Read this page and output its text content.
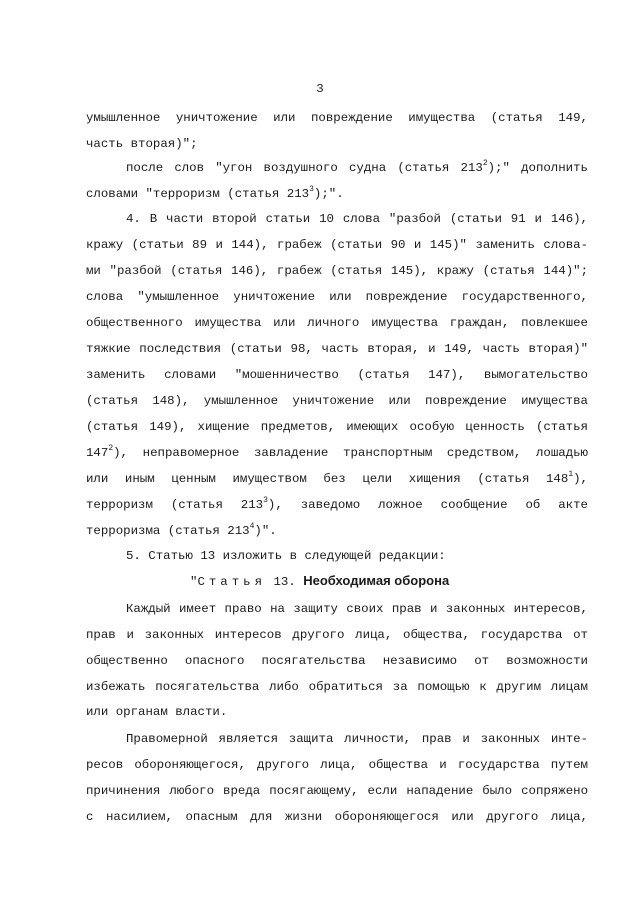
3
умышленное уничтожение или повреждение имущества (статья 149,
часть вторая)";
после слов "угон воздушного судна (статья $213^2$);" дополнить
словами "терроризм (статья $213^3$);".
4. В части второй статьи 10 слова "разбой (статьи 91 и 146),
кражу (статьи 89 и 144), грабеж (статьи 90 и 145)" заменить слова-
ми "разбой (статья 146), грабеж (статья 145), кражу (статья 144)";
слова "умышленное уничтожение или повреждение государственного,
общественного имущества или личного имущества граждан, повлекшее
тяжкие последствия (статьи 98, часть вторая, и 149, часть вторая)"
заменить словами "мошенничество (статья 147), вымогательство
(статья 148), умышленное уничтожение или повреждение имущества
(статья 149), хищение предметов, имеющих особую ценность (статья
$147^2$), неправомерное завладение транспортным средством, лошадью
или иным ценным имуществом без цели хищения (статья $148^1$),
терроризм (статья $213^3$), заведомо ложное сообщение об акте
терроризма (статья $213^4$)".
5. Статью 13 изложить в следующей редакции:
"Статья 13. Необходимая оборона
Каждый имеет право на защиту своих прав и законных интересов,
прав и законных интересов другого лица, общества, государства от
общественно опасного посягательства независимо от возможности
избежать посягательства либо обратиться за помощью к другим лицам
или органам власти.
Правомерной является защита личности, прав и законных инте-
ресов обороняющегося, другого лица, общества и государства путем
причинения любого вреда посягающему, если нападение было сопряжено
с насилием, опасным для жизни обороняющегося или другого лица,
